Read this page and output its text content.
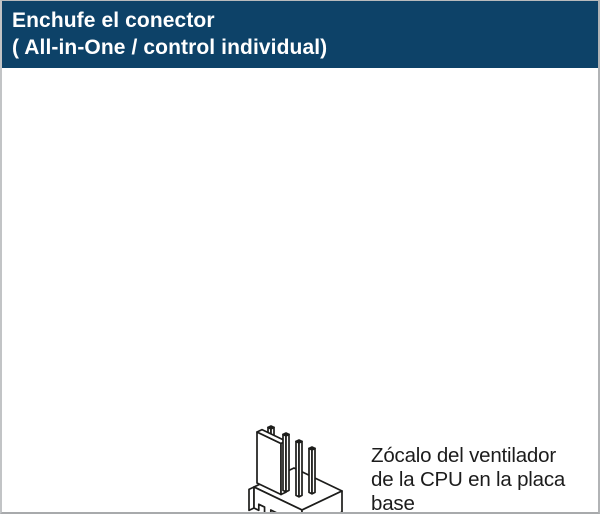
Enchufe el conector
( All-in-One / control individual)
Zócalo del ventilador
de la CPU en la placa
base
